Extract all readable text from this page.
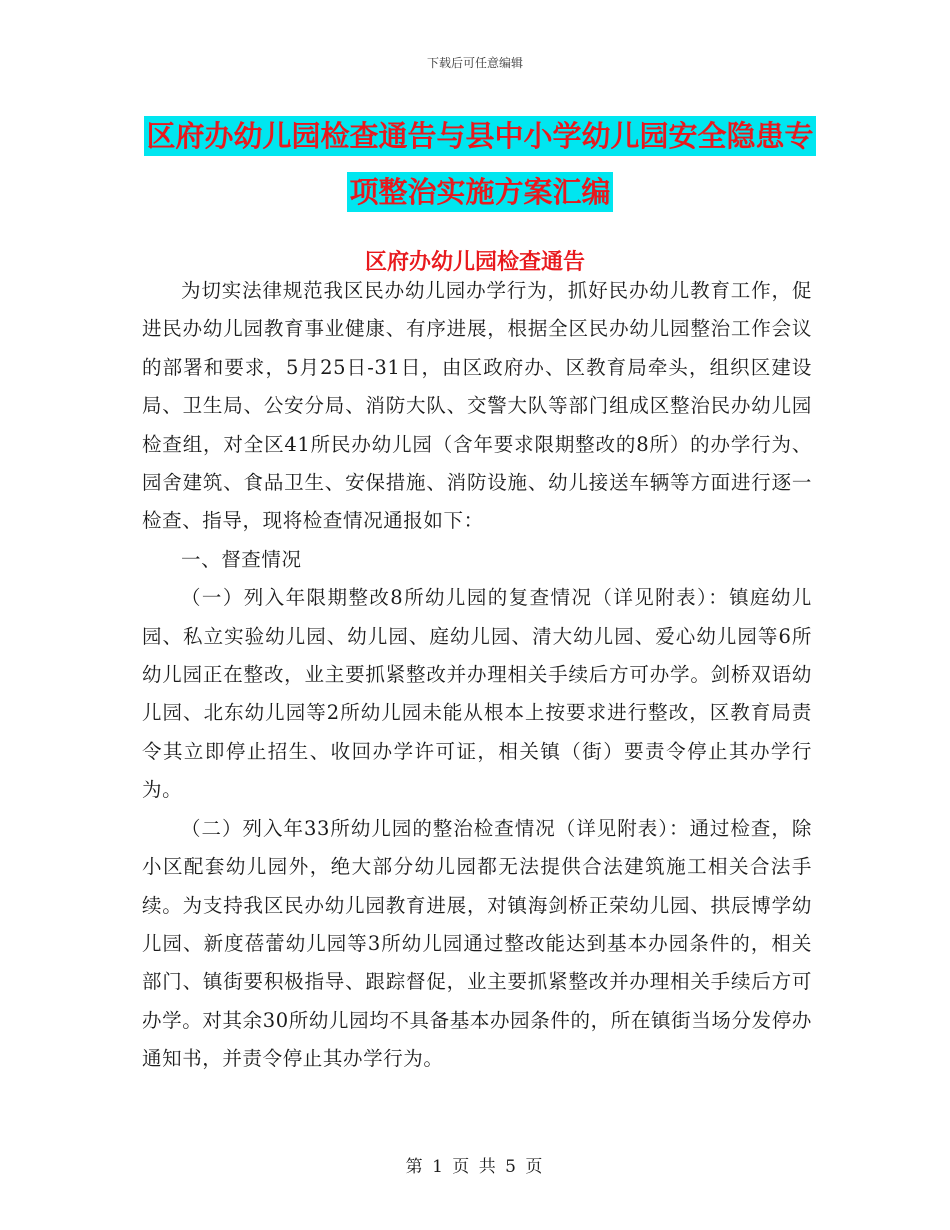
下载后可任意编辑
区府办幼儿园检查通告与县中小学幼儿园安全隐患专
项整治实施方案汇编
区府办幼儿园检查通告

为切实法律规范我区民办幼儿园办学行为，抓好民办幼儿教育工作，促进民办幼儿园教育事业健康、有序进展，根据全区民办幼儿园整治工作会议的部署和要求，5月25日-31日，由区政府办、区教育局牵头，组织区建设局、卫生局、公安分局、消防大队、交警大队等部门组成区整治民办幼儿园检查组，对全区41所民办幼儿园（含年要求限期整改的8所）的办学行为、园舍建筑、食品卫生、安保措施、消防设施、幼儿接送车辆等方面进行逐一检查、指导，现将检查情况通报如下：

一、督查情况

（一）列入年限期整改8所幼儿园的复查情况（详见附表）：镇庭幼儿园、私立实验幼儿园、幼儿园、庭幼儿园、清大幼儿园、爱心幼儿园等6所幼儿园正在整改，业主要抓紧整改并办理相关手续后方可办学。剑桥双语幼儿园、北东幼儿园等2所幼儿园未能从根本上按要求进行整改，区教育局责令其立即停止招生、收回办学许可证，相关镇（街）要责令停止其办学行为。

（二）列入年33所幼儿园的整治检查情况（详见附表）：通过检查，除小区配套幼儿园外，绝大部分幼儿园都无法提供合法建筑施工相关合法手续。为支持我区民办幼儿园教育进展，对镇海剑桥正荣幼儿园、拱辰博学幼儿园、新度蓓蕾幼儿园等3所幼儿园通过整改能达到基本办园条件的，相关部门、镇街要积极指导、跟踪督促，业主要抓紧整改并办理相关手续后方可办学。对其余30所幼儿园均不具备基本办园条件的，所在镇街当场分发停办通知书，并责令停止其办学行为。

第 1 页 共 5 页
